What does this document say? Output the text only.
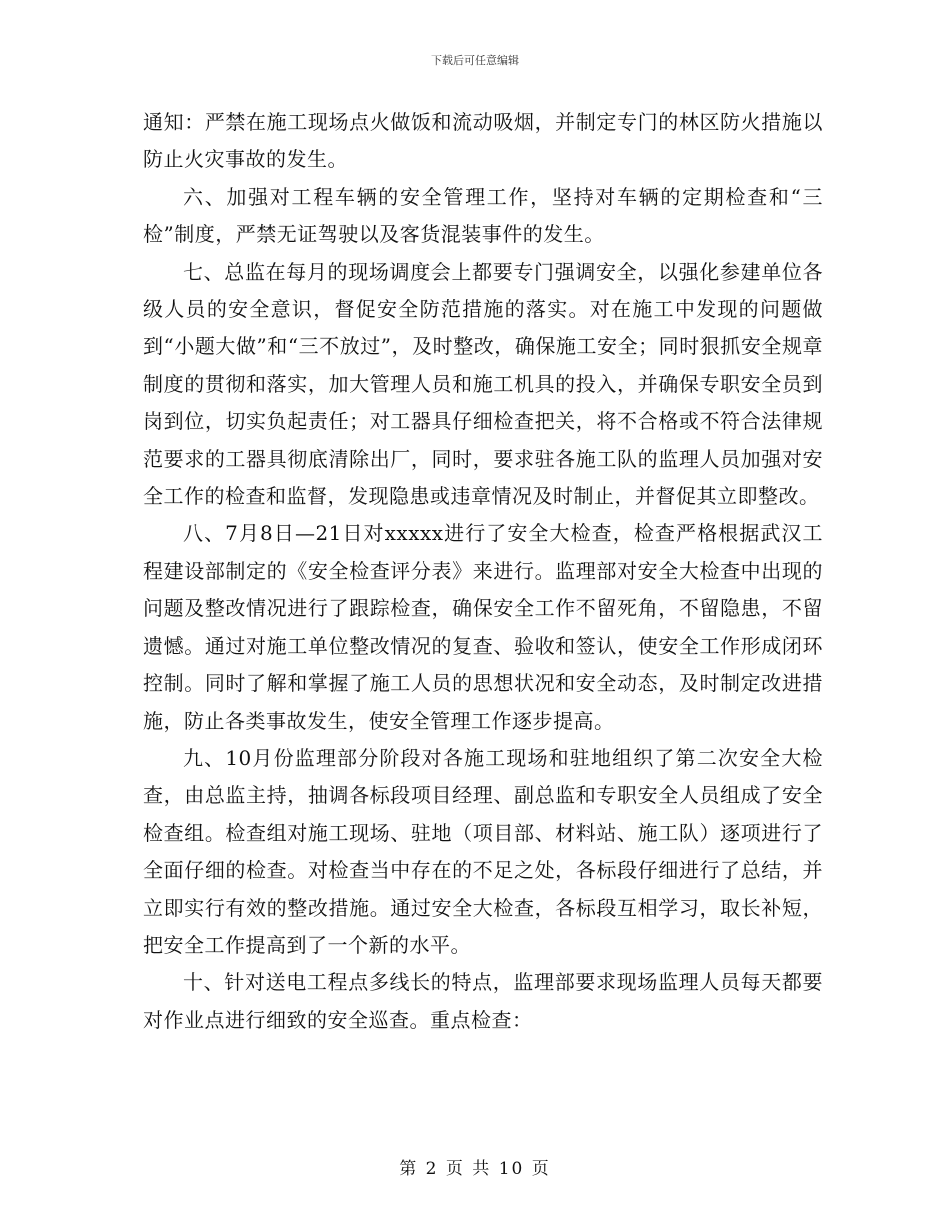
下载后可任意编辑

通知：严禁在施工现场点火做饭和流动吸烟，并制定专门的林区防火措施以防止火灾事故的发生。

六、加强对工程车辆的安全管理工作，坚持对车辆的定期检查和“三检”制度，严禁无证驾驶以及客货混装事件的发生。

七、总监在每月的现场调度会上都要专门强调安全，以强化参建单位各级人员的安全意识，督促安全防范措施的落实。对在施工中发现的问题做到“小题大做”和“三不放过”，及时整改，确保施工安全；同时狠抓安全规章制度的贯彻和落实，加大管理人员和施工机具的投入，并确保专职安全员到岗到位，切实负起责任；对工器具仔细检查把关，将不合格或不符合法律规范要求的工器具彻底清除出厂，同时，要求驻各施工队的监理人员加强对安全工作的检查和监督，发现隐患或违章情况及时制止，并督促其立即整改。

八、7月8日—21日对xxxxx进行了安全大检查，检查严格根据武汉工程建设部制定的《安全检查评分表》来进行。监理部对安全大检查中出现的问题及整改情况进行了跟踪检查，确保安全工作不留死角，不留隐患，不留遗憾。通过对施工单位整改情况的复查、验收和签认，使安全工作形成闭环控制。同时了解和掌握了施工人员的思想状况和安全动态，及时制定改进措施，防止各类事故发生，使安全管理工作逐步提高。

九、10月份监理部分阶段对各施工现场和驻地组织了第二次安全大检查，由总监主持，抽调各标段项目经理、副总监和专职安全人员组成了安全检查组。检查组对施工现场、驻地（项目部、材料站、施工队）逐项进行了全面仔细的检查。对检查当中存在的不足之处，各标段仔细进行了总结，并立即实行有效的整改措施。通过安全大检查，各标段互相学习，取长补短，把安全工作提高到了一个新的水平。

十、针对送电工程点多线长的特点，监理部要求现场监理人员每天都要对作业点进行细致的安全巡查。重点检查：

第 2 页 共 10 页
